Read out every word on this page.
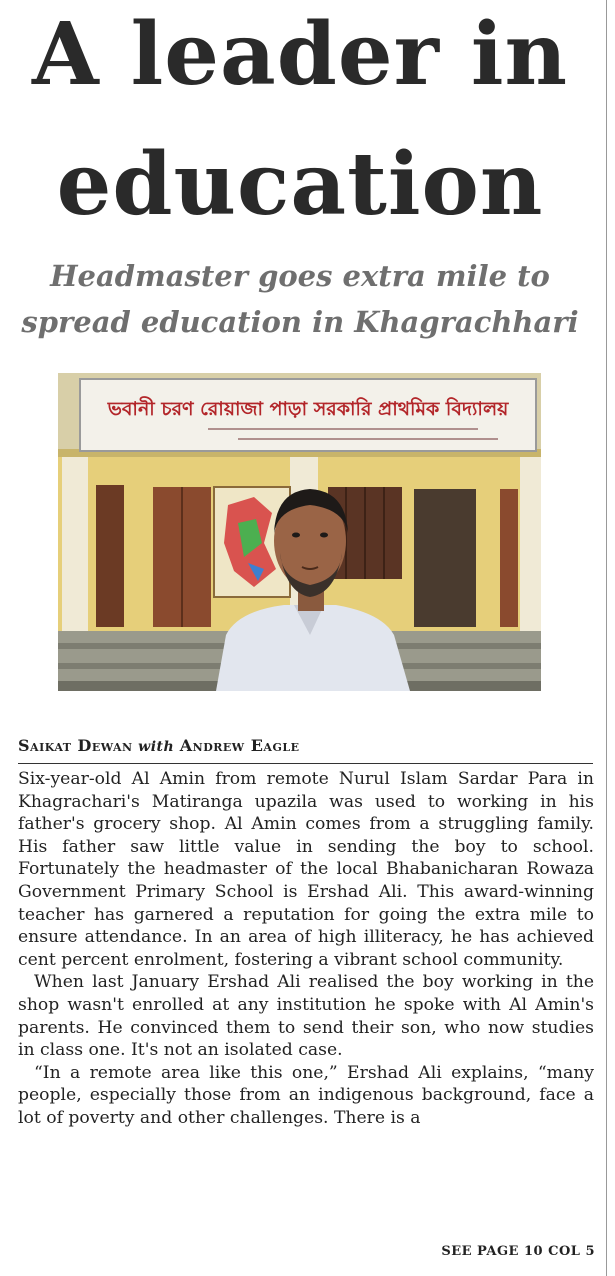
A leader in
education
Headmaster goes extra mile to
spread education in Khagrachhari
ভবানী চরণ রোয়াজা পাড়া সরকারি প্রাথমিক বিদ্যালয়
Saikat Dewan with Andrew Eagle

Six-year-old Al Amin from remote Nurul Islam Sardar Para in Khagrachari's Matiranga upazila was used to working in his father's grocery shop. Al Amin comes from a struggling family. His father saw little value in sending the boy to school. Fortunately the headmaster of the local Bhabanicharan Rowaza Government Primary School is Ershad Ali. This award-winning teacher has garnered a reputation for going the extra mile to ensure attendance. In an area of high illiteracy, he has achieved cent percent enrolment, fostering a vibrant school community.

When last January Ershad Ali realised the boy working in the shop wasn't enrolled at any institution he spoke with Al Amin's parents. He convinced them to send their son, who now studies in class one. It's not an isolated case.

“In a remote area like this one,” Ershad Ali explains, “many people, especially those from an indigenous background, face a lot of poverty and other challenges. There is a

SEE PAGE 10 COL 5
